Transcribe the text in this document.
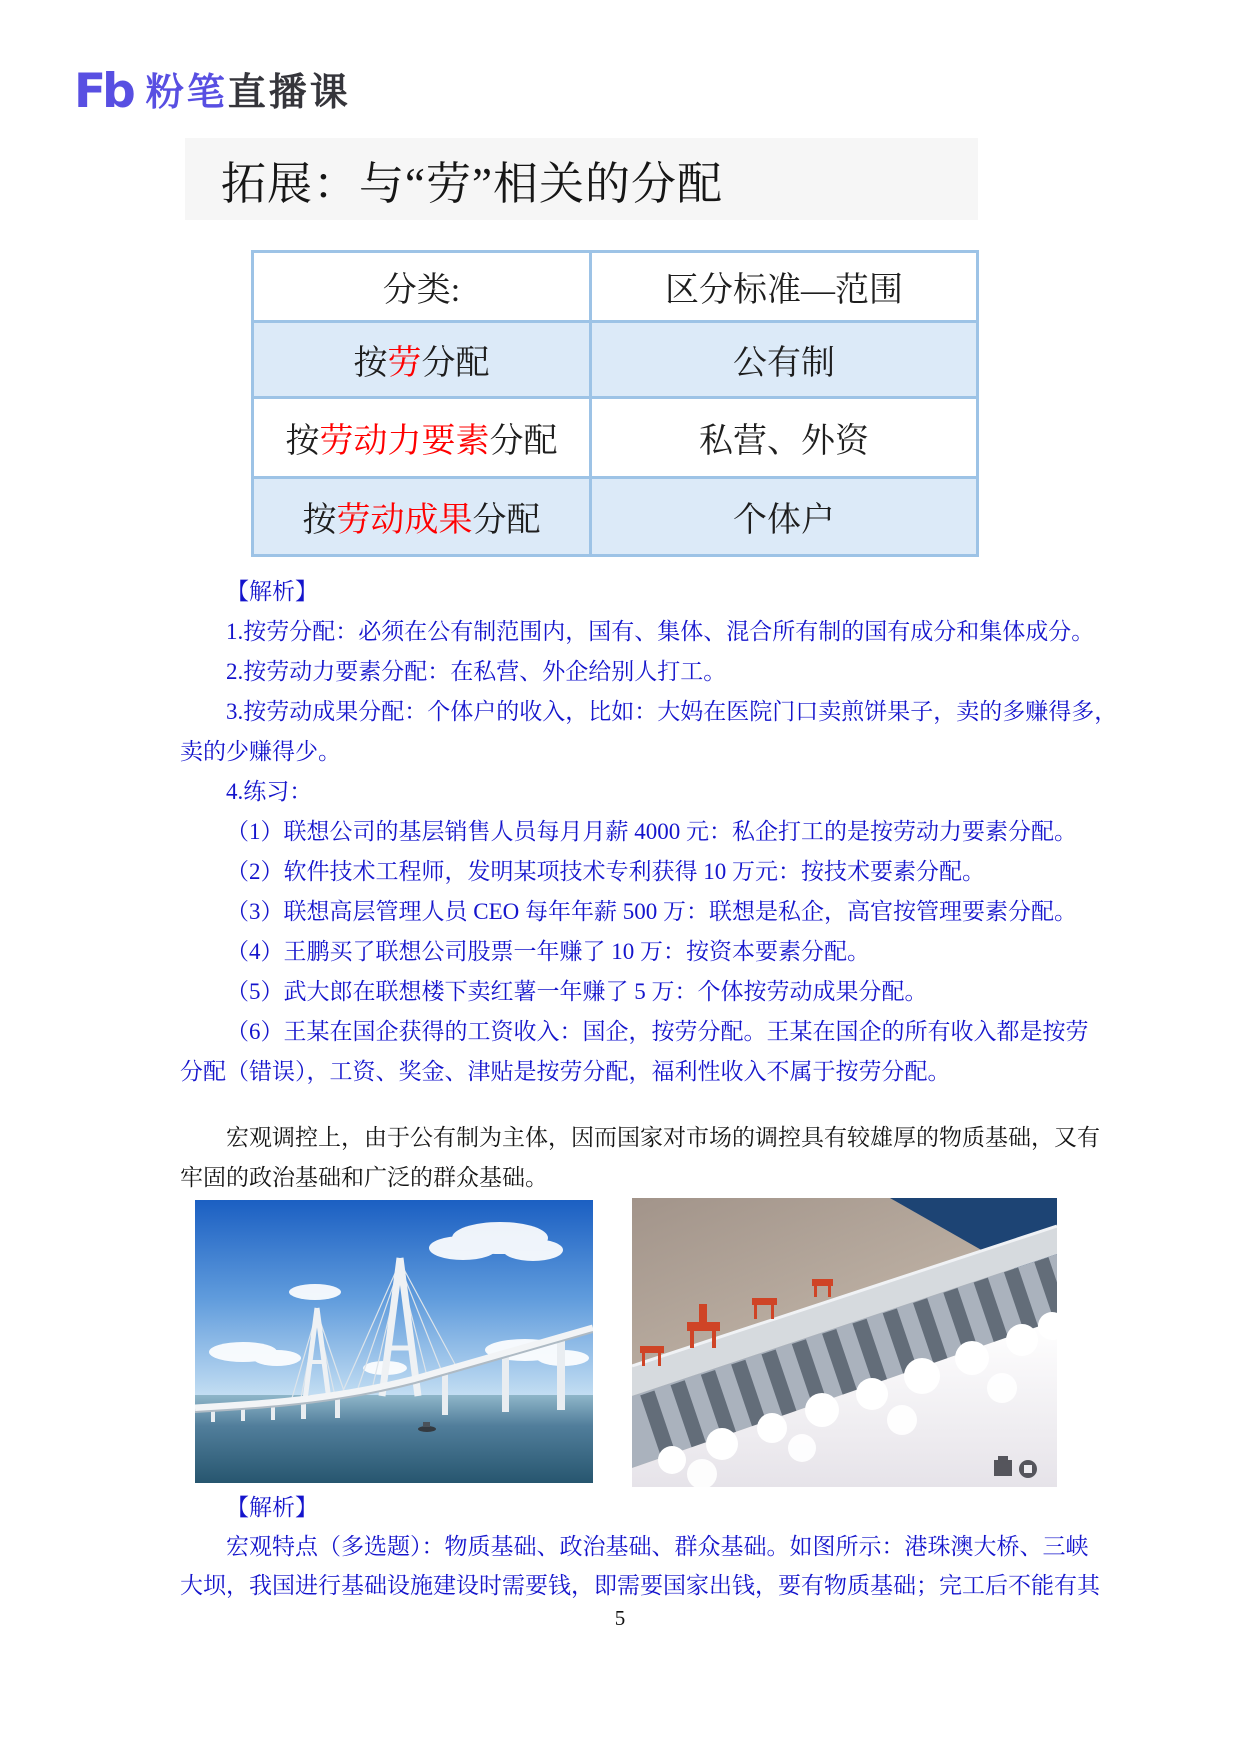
Fb 粉笔 直播课
拓展：与“劳”相关的分配
分类:	区分标准—范围
按劳分配	公有制
按劳动力要素分配	私营、外资
按劳动成果分配	个体户
【解析】
1.按劳分配：必须在公有制范围内，国有、集体、混合所有制的国有成分和集体成分。
2.按劳动力要素分配：在私营、外企给别人打工。
3.按劳动成果分配：个体户的收入，比如：大妈在医院门口卖煎饼果子，卖的多赚得多，
卖的少赚得少。
4.练习：
（1）联想公司的基层销售人员每月月薪 4000 元：私企打工的是按劳动力要素分配。
（2）软件技术工程师，发明某项技术专利获得 10 万元：按技术要素分配。
（3）联想高层管理人员 CEO 每年年薪 500 万：联想是私企，高官按管理要素分配。
（4）王鹏买了联想公司股票一年赚了 10 万：按资本要素分配。
（5）武大郎在联想楼下卖红薯一年赚了 5 万：个体按劳动成果分配。
（6）王某在国企获得的工资收入：国企，按劳分配。王某在国企的所有收入都是按劳
分配（错误），工资、奖金、津贴是按劳分配，福利性收入不属于按劳分配。
宏观调控上，由于公有制为主体，因而国家对市场的调控具有较雄厚的物质基础，又有
牢固的政治基础和广泛的群众基础。
【解析】
宏观特点（多选题）：物质基础、政治基础、群众基础。如图所示：港珠澳大桥、三峡
大坝，我国进行基础设施建设时需要钱，即需要国家出钱，要有物质基础；完工后不能有其
5
